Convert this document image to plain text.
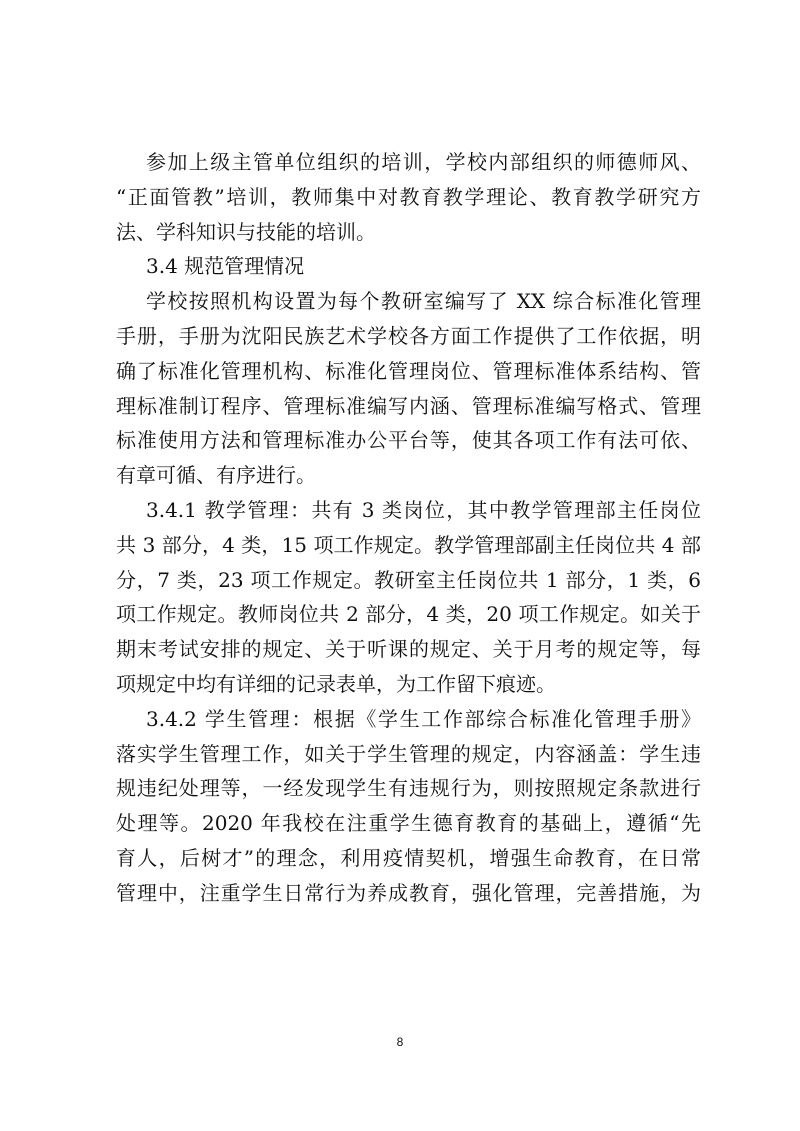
参加上级主管单位组织的培训，学校内部组织的师德师风、
“正面管教”培训，教师集中对教育教学理论、教育教学研究方
法、学科知识与技能的培训。
3.4 规范管理情况
学校按照机构设置为每个教研室编写了 XX 综合标准化管理
手册，手册为沈阳民族艺术学校各方面工作提供了工作依据，明
确了标准化管理机构、标准化管理岗位、管理标准体系结构、管
理标准制订程序、管理标准编写内涵、管理标准编写格式、管理
标准使用方法和管理标准办公平台等，使其各项工作有法可依、
有章可循、有序进行。
3.4.1 教学管理：共有 3 类岗位，其中教学管理部主任岗位
共 3 部分，4 类，15 项工作规定。教学管理部副主任岗位共 4 部
分，7 类，23 项工作规定。教研室主任岗位共 1 部分，1 类，6
项工作规定。教师岗位共 2 部分，4 类，20 项工作规定。如关于
期末考试安排的规定、关于听课的规定、关于月考的规定等，每
项规定中均有详细的记录表单，为工作留下痕迹。
3.4.2 学生管理：根据《学生工作部综合标准化管理手册》
落实学生管理工作，如关于学生管理的规定，内容涵盖：学生违
规违纪处理等，一经发现学生有违规行为，则按照规定条款进行
处理等。2020 年我校在注重学生德育教育的基础上，遵循“先
育人，后树才”的理念，利用疫情契机，增强生命教育，在日常
管理中，注重学生日常行为养成教育，强化管理，完善措施，为
8
